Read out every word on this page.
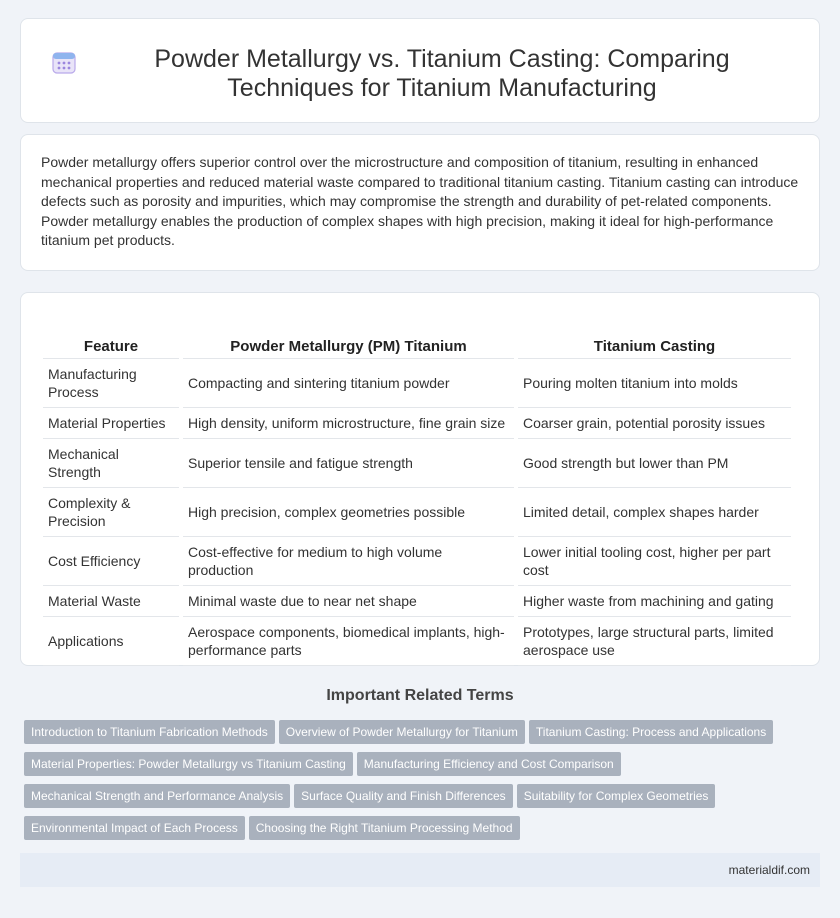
Powder Metallurgy vs. Titanium Casting: Comparing Techniques for Titanium Manufacturing

Powder metallurgy offers superior control over the microstructure and composition of titanium, resulting in enhanced mechanical properties and reduced material waste compared to traditional titanium casting. Titanium casting can introduce defects such as porosity and impurities, which may compromise the strength and durability of pet-related components. Powder metallurgy enables the production of complex shapes with high precision, making it ideal for high-performance titanium pet products.

Feature	Powder Metallurgy (PM) Titanium	Titanium Casting
Manufacturing Process	Compacting and sintering titanium powder	Pouring molten titanium into molds
Material Properties	High density, uniform microstructure, fine grain size	Coarser grain, potential porosity issues
Mechanical Strength	Superior tensile and fatigue strength	Good strength but lower than PM
Complexity & Precision	High precision, complex geometries possible	Limited detail, complex shapes harder
Cost Efficiency	Cost-effective for medium to high volume production	Lower initial tooling cost, higher per part cost
Material Waste	Minimal waste due to near net shape	Higher waste from machining and gating
Applications	Aerospace components, biomedical implants, high-performance parts	Prototypes, large structural parts, limited aerospace use
Important Related Terms
Introduction to Titanium Fabrication Methods Overview of Powder Metallurgy for Titanium Titanium Casting: Process and Applications
Material Properties: Powder Metallurgy vs Titanium Casting Manufacturing Efficiency and Cost Comparison
Mechanical Strength and Performance Analysis Surface Quality and Finish Differences Suitability for Complex Geometries
Environmental Impact of Each Process Choosing the Right Titanium Processing Method
materialdif.com
